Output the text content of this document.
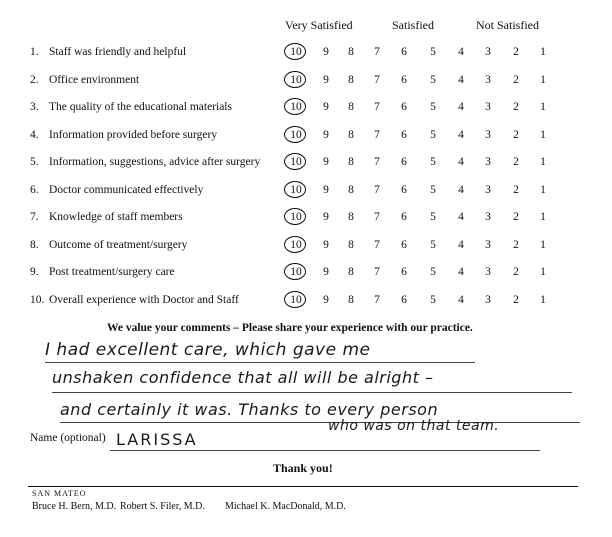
Very Satisfied	Satisfied	Not Satisfied
1. Staff was friendly and helpful	10 9 8 7 6 5 4 3 2 1
2. Office environment	10 9 8 7 6 5 4 3 2 1
3. The quality of the educational materials	10 9 8 7 6 5 4 3 2 1
4. Information provided before surgery	10 9 8 7 6 5 4 3 2 1
5. Information, suggestions, advice after surgery	10 9 8 7 6 5 4 3 2 1
6. Doctor communicated effectively	10 9 8 7 6 5 4 3 2 1
7. Knowledge of staff members	10 9 8 7 6 5 4 3 2 1
8. Outcome of treatment/surgery	10 9 8 7 6 5 4 3 2 1
9. Post treatment/surgery care	10 9 8 7 6 5 4 3 2 1
10. Overall experience with Doctor and Staff	10 9 8 7 6 5 4 3 2 1
We value your comments – Please share your experience with our practice.
I had excellent care, which gave me
unshaken confidence that all will be alright –
and certainly it was. Thanks to every person
who was on that team.
Name (optional) LARISSA
Thank you!
SAN MATEO
Bruce H. Bern, M.D. Robert S. Filer, M.D. Michael K. MacDonald, M.D.
